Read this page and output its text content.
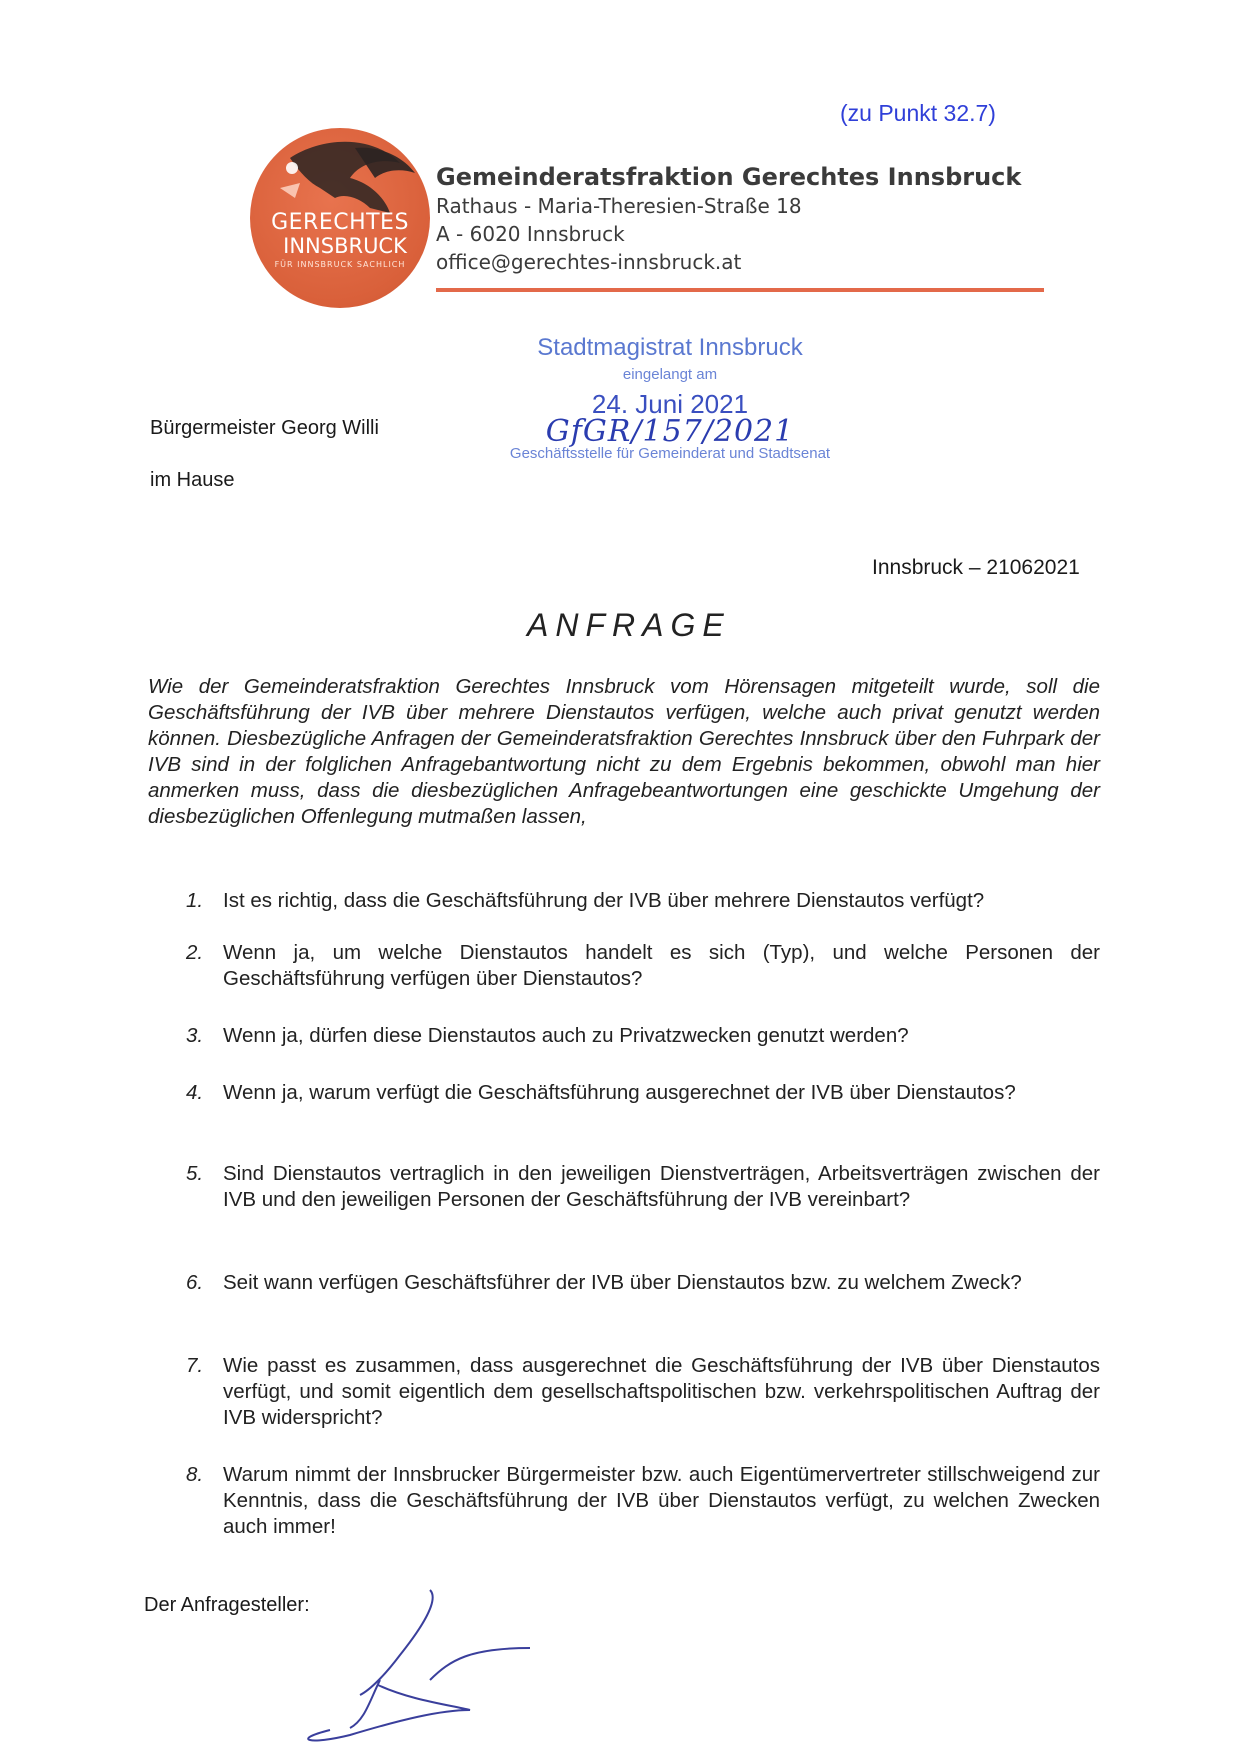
(zu Punkt 32.7)
GERECHTES
INNSBRUCK
FÜR INNSBRUCK SACHLICH
Gemeinderatsfraktion Gerechtes Innsbruck
Rathaus - Maria-Theresien-Straße 18
A - 6020 Innsbruck
office@gerechtes-innsbruck.at
Bürgermeister Georg Willi
im Hause
Stadtmagistrat Innsbruck
eingelangt am
24. Juni 2021
GfGR/157/2021
Geschäftsstelle für Gemeinderat und Stadtsenat
Innsbruck – 21062021
ANFRAGE
Wie der Gemeinderatsfraktion Gerechtes Innsbruck vom Hörensagen mitgeteilt wurde, soll die Geschäftsführung der IVB über mehrere Dienstautos verfügen, welche auch privat genutzt werden können. Diesbezügliche Anfragen der Gemeinderatsfraktion Gerechtes Innsbruck über den Fuhrpark der IVB sind in der folglichen Anfragebantwortung nicht zu dem Ergebnis bekommen, obwohl man hier anmerken muss, dass die diesbezüglichen Anfragebeantwortungen eine geschickte Umgehung der diesbezüglichen Offenlegung mutmaßen lassen,
1. Ist es richtig, dass die Geschäftsführung der IVB über mehrere Dienstautos verfügt?
2. Wenn ja, um welche Dienstautos handelt es sich (Typ), und welche Personen der Geschäftsführung verfügen über Dienstautos?
3. Wenn ja, dürfen diese Dienstautos auch zu Privatzwecken genutzt werden?
4. Wenn ja, warum verfügt die Geschäftsführung ausgerechnet der IVB über Dienstautos?
5. Sind Dienstautos vertraglich in den jeweiligen Dienstverträgen, Arbeitsverträgen zwischen der IVB und den jeweiligen Personen der Geschäftsführung der IVB vereinbart?
6. Seit wann verfügen Geschäftsführer der IVB über Dienstautos bzw. zu welchem Zweck?
7. Wie passt es zusammen, dass ausgerechnet die Geschäftsführung der IVB über Dienstautos verfügt, und somit eigentlich dem gesellschaftspolitischen bzw. verkehrspolitischen Auftrag der IVB widerspricht?
8. Warum nimmt der Innsbrucker Bürgermeister bzw. auch Eigentümervertreter stillschweigend zur Kenntnis, dass die Geschäftsführung der IVB über Dienstautos verfügt, zu welchen Zwecken auch immer!
Der Anfragesteller:
